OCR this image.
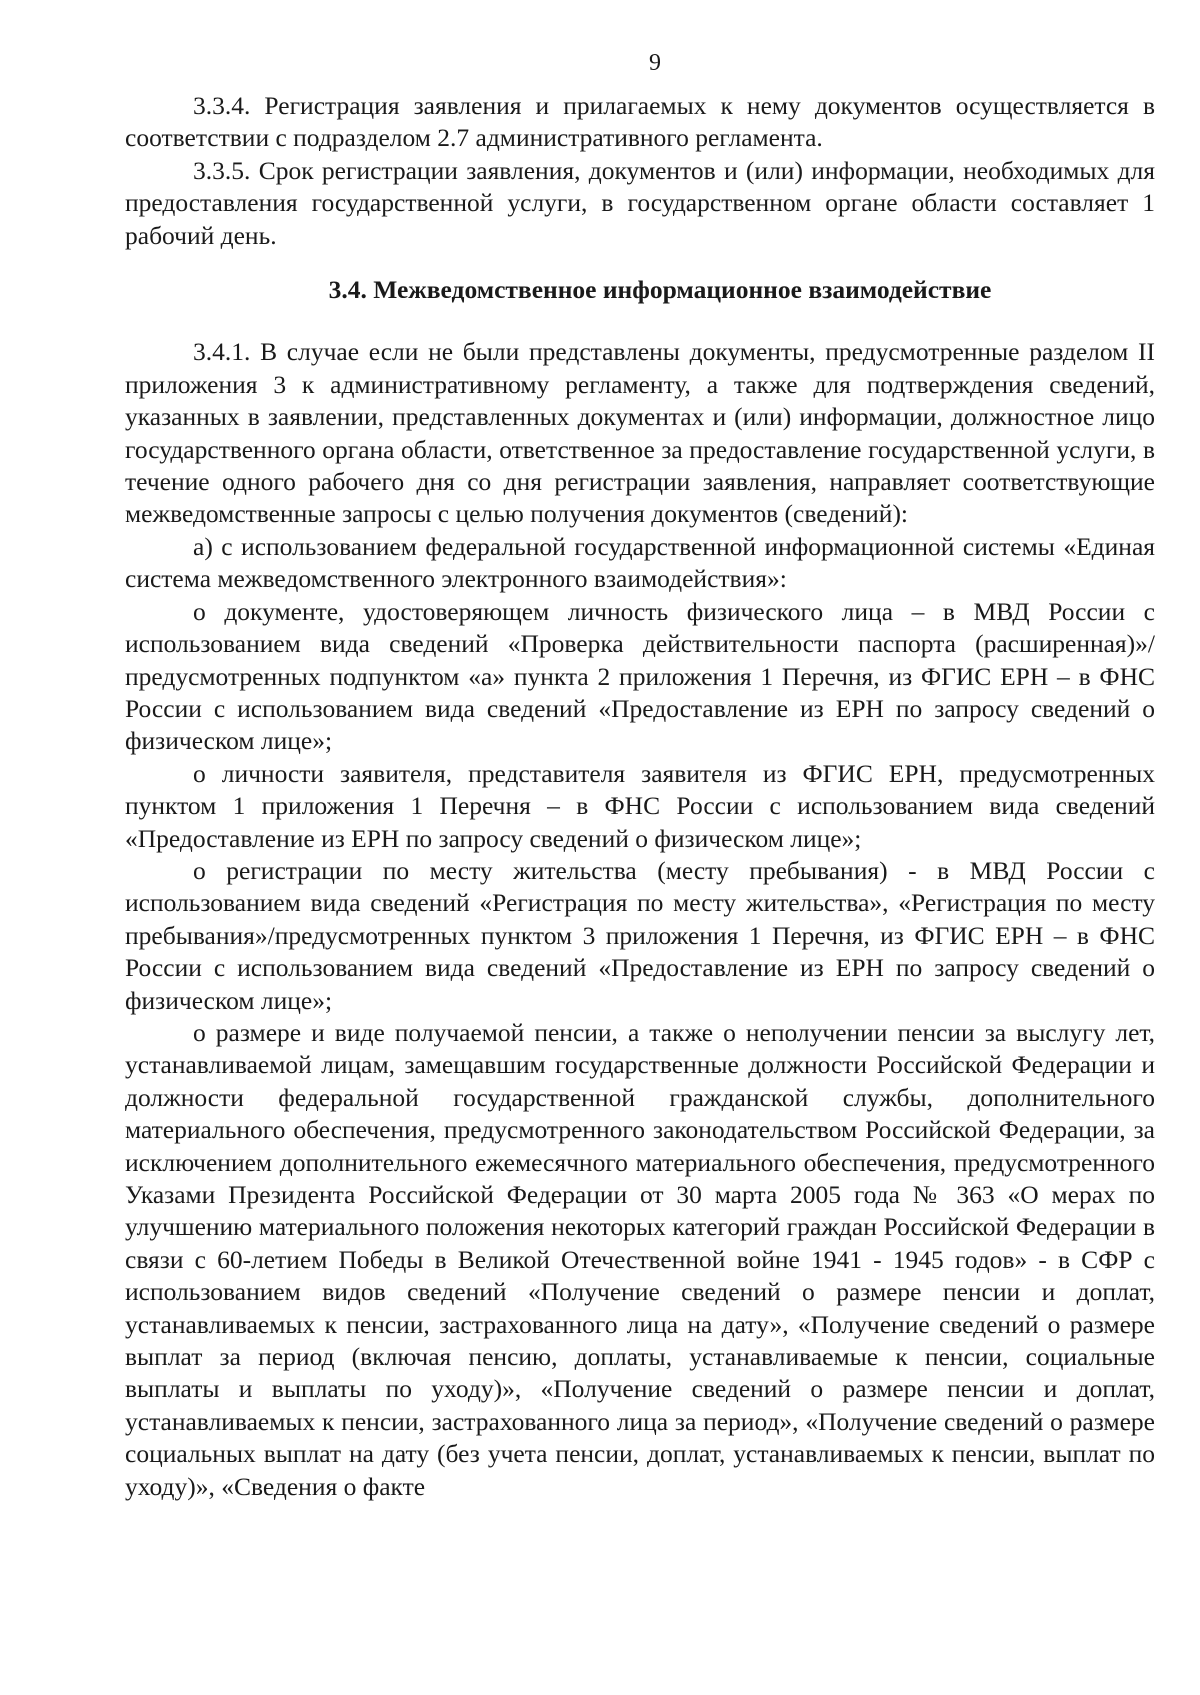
9

3.3.4. Регистрация заявления и прилагаемых к нему документов осуществляется в соответствии с подразделом 2.7 административного регламента.

3.3.5. Срок регистрации заявления, документов и (или) информации, необходимых для предоставления государственной услуги, в государственном органе области составляет 1 рабочий день.

3.4. Межведомственное информационное взаимодействие

3.4.1. В случае если не были представлены документы, предусмотренные разделом II приложения 3 к административному регламенту, а также для подтверждения сведений, указанных в заявлении, представленных документах и (или) информации, должностное лицо государственного органа области, ответственное за предоставление государственной услуги, в течение одного рабочего дня со дня регистрации заявления, направляет соответствующие межведомственные запросы с целью получения документов (сведений):

а) с использованием федеральной государственной информационной системы «Единая система межведомственного электронного взаимодействия»:

о документе, удостоверяющем личность физического лица – в МВД России с использованием вида сведений «Проверка действительности паспорта (расширенная)»/предусмотренных подпунктом «а» пункта 2 приложения 1 Перечня, из ФГИС ЕРН – в ФНС России с использованием вида сведений «Предоставление из ЕРН по запросу сведений о физическом лице»;

о личности заявителя, представителя заявителя из ФГИС ЕРН, предусмотренных пунктом 1 приложения 1 Перечня – в ФНС России с использованием вида сведений «Предоставление из ЕРН по запросу сведений о физическом лице»;

о регистрации по месту жительства (месту пребывания) - в МВД России с использованием вида сведений «Регистрация по месту жительства», «Регистрация по месту пребывания»/предусмотренных пунктом 3 приложения 1 Перечня, из ФГИС ЕРН – в ФНС России с использованием вида сведений «Предоставление из ЕРН по запросу сведений о физическом лице»;

о размере и виде получаемой пенсии, а также о неполучении пенсии за выслугу лет, устанавливаемой лицам, замещавшим государственные должности Российской Федерации и должности федеральной государственной гражданской службы, дополнительного материального обеспечения, предусмотренного законодательством Российской Федерации, за исключением дополнительного ежемесячного материального обеспечения, предусмотренного Указами Президента Российской Федерации от 30 марта 2005 года № 363 «О мерах по улучшению материального положения некоторых категорий граждан Российской Федерации в связи с 60-летием Победы в Великой Отечественной войне 1941 - 1945 годов» - в СФР с использованием видов сведений «Получение сведений о размере пенсии и доплат, устанавливаемых к пенсии, застрахованного лица на дату», «Получение сведений о размере выплат за период (включая пенсию, доплаты, устанавливаемые к пенсии, социальные выплаты и выплаты по уходу)», «Получение сведений о размере пенсии и доплат, устанавливаемых к пенсии, застрахованного лица за период», «Получение сведений о размере социальных выплат на дату (без учета пенсии, доплат, устанавливаемых к пенсии, выплат по уходу)», «Сведения о факте
